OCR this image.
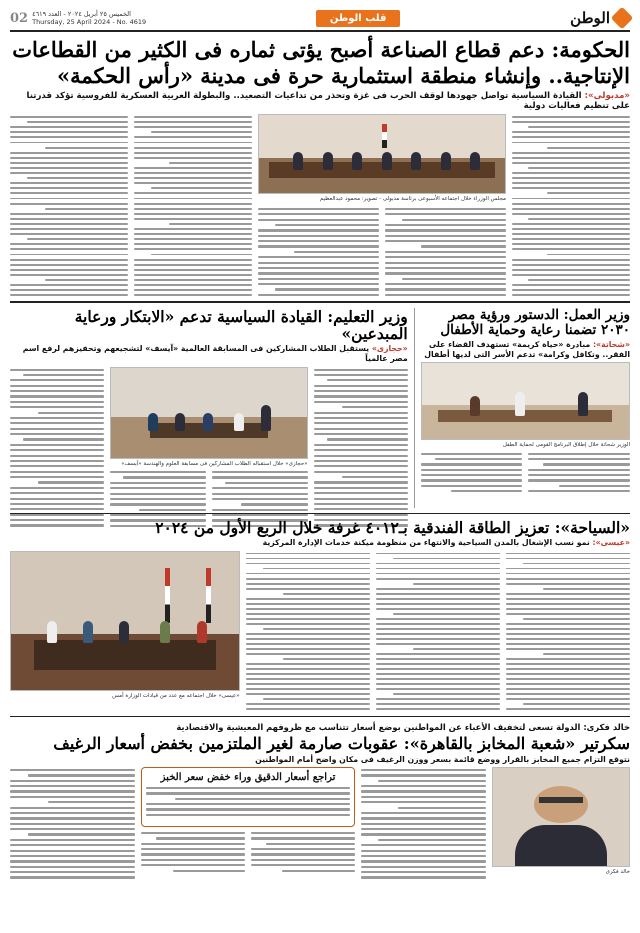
الوطن
قلب الوطن
الخميس ٢٥ أبريل ٢٠٢٤ - العدد ٤٦١٩
Thursday, 25 April 2024 - No. 4619
02
الحكومة: دعم قطاع الصناعة أصبح يؤتى ثماره فى الكثير من القطاعات
الإنتاجية.. وإنشاء منطقة استثمارية حرة فى مدينة «رأس الحكمة»
«مدبولى»: القيادة السياسية تواصل جهودها لوقف الحرب فى غزة وتحذر من تداعيات التصعيد.. والبطولة العربية العسكرية للفروسية تؤكد قدرتنا على تنظيم فعاليات دولية
مجلس الوزراء خلال اجتماعه الأسبوعى برئاسة مدبولى - تصوير: محمود عبدالعظيم
وزير العمل: الدستور ورؤية مصر ٢٠٣٠ تضمنا رعاية وحماية الأطفال
«شحاتة»: مبادرة «حياة كريمة» تستهدف القضاء على الفقر.. وتكافل وكرامة» تدعم الأسر التى لديها أطفال
الوزير شحاتة خلال إطلاق البرنامج القومى لحماية الطفل
وزير التعليم: القيادة السياسية تدعم «الابتكار ورعاية المبدعين»
«حجازى» يستقبل الطلاب المشاركين فى المسابقة العالمية «آيسف» لتشجيعهم وتحفيزهم لرفع اسم مصر عالمياً
«حجازى» خلال استقباله الطلاب المشاركين فى مسابقة العلوم والهندسة «آيسف»
«السياحة»: تعزيز الطاقة الفندقية بـ٤٠١٢ غرفة خلال الربع الأول من ٢٠٢٤
«عيسى»: نمو نسب الإشغال بالمدن السياحية والانتهاء من منظومة ميكنة خدمات الإدارة المركزية
«عيسى» خلال اجتماعه مع عدد من قيادات الوزارة أمس
خالد فكرى: الدولة تسعى لتخفيف الأعباء عن المواطنين بوضع أسعار تتناسب مع ظروفهم المعيشية والاقتصادية
سكرتير «شعبة المخابز بالقاهرة»: عقوبات صارمة لغير الملتزمين بخفض أسعار الرغيف
نتوقع التزام جميع المخابز بالقرار ووضع قائمة بسعر ووزن الرغيف فى مكان واضح أمام المواطنين
خالد فكرى
تراجع أسعار الدقيق وراء خفض سعر الخبز
